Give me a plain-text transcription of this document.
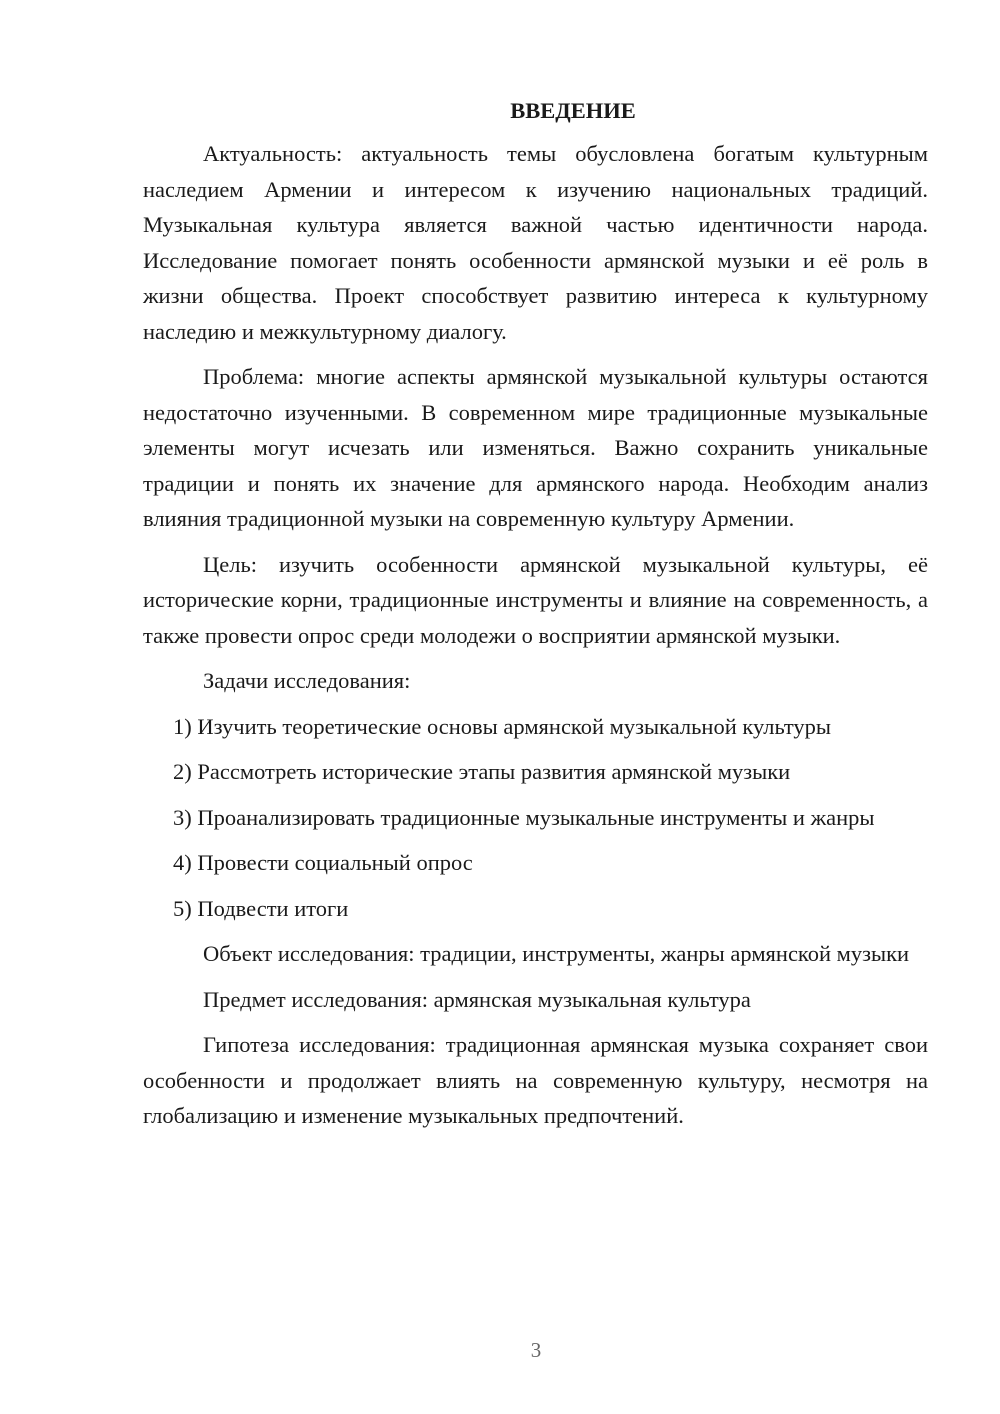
ВВЕДЕНИЕ

Актуальность: актуальность темы обусловлена богатым культурным наследием Армении и интересом к изучению национальных традиций. Музыкальная культура является важной частью идентичности народа. Исследование помогает понять особенности армянской музыки и её роль в жизни общества. Проект способствует развитию интереса к культурному наследию и межкультурному диалогу.

Проблема: многие аспекты армянской музыкальной культуры остаются недостаточно изученными. В современном мире традиционные музыкальные элементы могут исчезать или изменяться. Важно сохранить уникальные традиции и понять их значение для армянского народа. Необходим анализ влияния традиционной музыки на современную культуру Армении.

Цель: изучить особенности армянской музыкальной культуры, её исторические корни, традиционные инструменты и влияние на современность, а также провести опрос среди молодежи о восприятии армянской музыки.

Задачи исследования:

1) Изучить теоретические основы армянской музыкальной культуры

2) Рассмотреть исторические этапы развития армянской музыки

3) Проанализировать традиционные музыкальные инструменты и жанры

4) Провести социальный опрос

5) Подвести итоги

Объект исследования: традиции, инструменты, жанры армянской музыки

Предмет исследования: армянская музыкальная культура

Гипотеза исследования: традиционная армянская музыка сохраняет свои особенности и продолжает влиять на современную культуру, несмотря на глобализацию и изменение музыкальных предпочтений.

3
